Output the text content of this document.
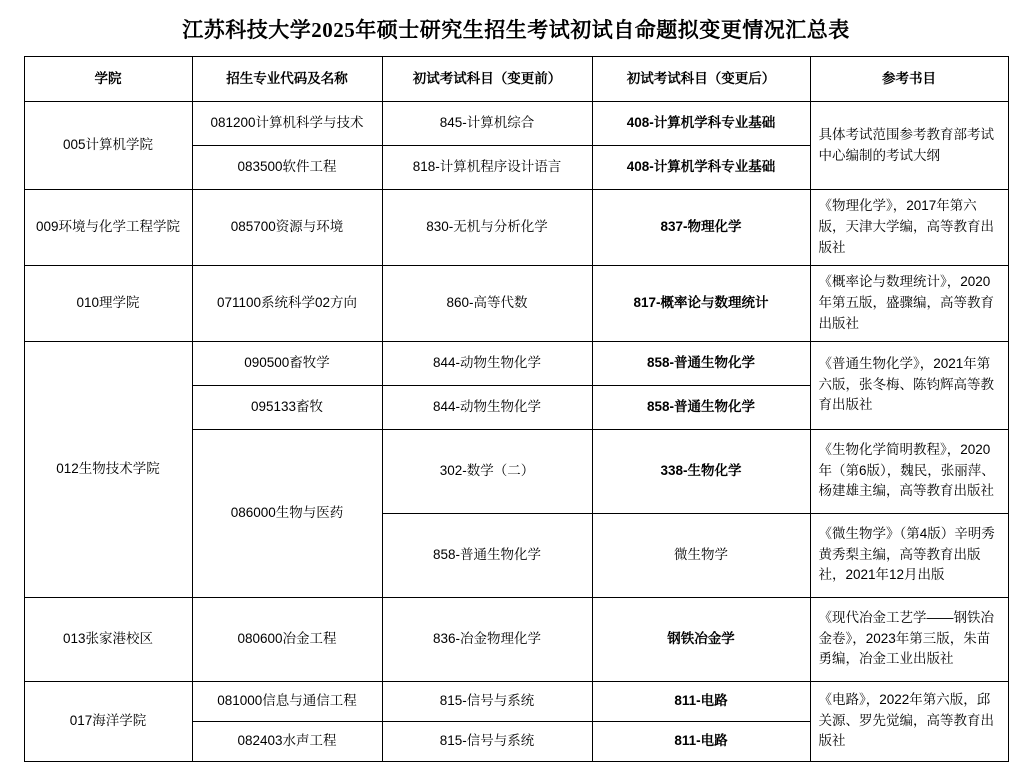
江苏科技大学2025年硕士研究生招生考试初试自命题拟变更情况汇总表
学院	招生专业代码及名称	初试考试科目（变更前）	初试考试科目（变更后）	参考书目
005计算机学院	081200计算机科学与技术	845-计算机综合	408-计算机学科专业基础	具体考试范围参考教育部考试中心编制的考试大纲
	083500软件工程	818-计算机程序设计语言	408-计算机学科专业基础	
009环境与化学工程学院	085700资源与环境	830-无机与分析化学	837-物理化学	《物理化学》，2017年第六版，天津大学编，高等教育出版社
010理学院	071100系统科学02方向	860-高等代数	817-概率论与数理统计	《概率论与数理统计》，2020年第五版，盛骤编，高等教育出版社
012生物技术学院	090500畜牧学	844-动物生物化学	858-普通生物化学	《普通生物化学》，2021年第六版，张冬梅、陈钧辉高等教育出版社
	095133畜牧	844-动物生物化学	858-普通生物化学	
	086000生物与医药	302-数学（二）	338-生物化学	《生物化学简明教程》，2020年（第6版），魏民，张丽萍、杨建雄主编，高等教育出版社
		858-普通生物化学	微生物学	《微生物学》（第4版）辛明秀 黄秀梨主编，高等教育出版社，2021年12月出版
013张家港校区	080600冶金工程	836-冶金物理化学	钢铁冶金学	《现代冶金工艺学——钢铁冶金卷》，2023年第三版，朱苗勇编，冶金工业出版社
017海洋学院	081000信息与通信工程	815-信号与系统	811-电路	《电路》，2022年第六版，邱关源、罗先觉编，高等教育出版社
	082403水声工程	815-信号与系统	811-电路	
